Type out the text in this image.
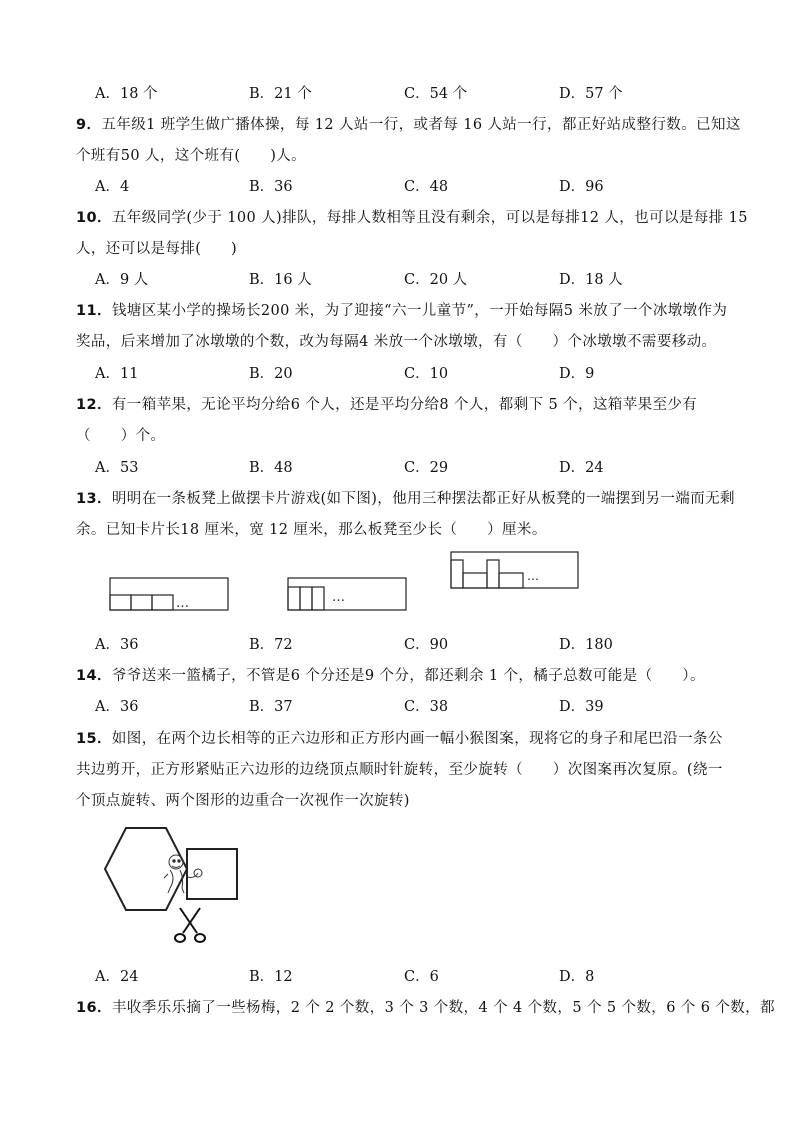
A．18 个	B．21 个	C．54 个	D．57 个
9．五年级1 班学生做广播体操，每 12 人站一行，或者每 16 人站一行，都正好站成整行数。已知这
个班有50 人，这个班有(　　)人。
A．4	B．36	C．48	D．96
10．五年级同学(少于 100 人)排队，每排人数相等且没有剩余，可以是每排12 人，也可以是每排 15
人，还可以是每排(　　)
A．9 人	B．16 人	C．20 人	D．18 人
11．钱塘区某小学的操场长200 米，为了迎接“六一儿童节”，一开始每隔5 米放了一个冰墩墩作为
奖品，后来增加了冰墩墩的个数，改为每隔4 米放一个冰墩墩，有（　　）个冰墩墩不需要移动。
A．11	B．20	C．10	D．9
12．有一箱苹果，无论平均分给6 个人，还是平均分给8 个人，都剩下 5 个，这箱苹果至少有
（　　）个。
A．53	B．48	C．29	D．24
13．明明在一条板凳上做摆卡片游戏(如下图)，他用三种摆法都正好从板凳的一端摆到另一端而无剩
余。已知卡片长18 厘米，宽 12 厘米，那么板凳至少长（　　）厘米。
…	…
…
A．36	B．72	C．90	D．180
14．爷爷送来一篮橘子，不管是6 个分还是9 个分，都还剩余 1 个，橘子总数可能是（　　）。
A．36	B．37	C．38	D．39
15．如图，在两个边长相等的正六边形和正方形内画一幅小猴图案，现将它的身子和尾巴沿一条公
共边剪开，正方形紧贴正六边形的边绕顶点顺时针旋转，至少旋转（　　）次图案再次复原。(绕一
个顶点旋转、两个图形的边重合一次视作一次旋转)
A．24	B．12	C．6	D．8
16．丰收季乐乐摘了一些杨梅，2 个 2 个数，3 个 3 个数，4 个 4 个数，5 个 5 个数，6 个 6 个数，都
